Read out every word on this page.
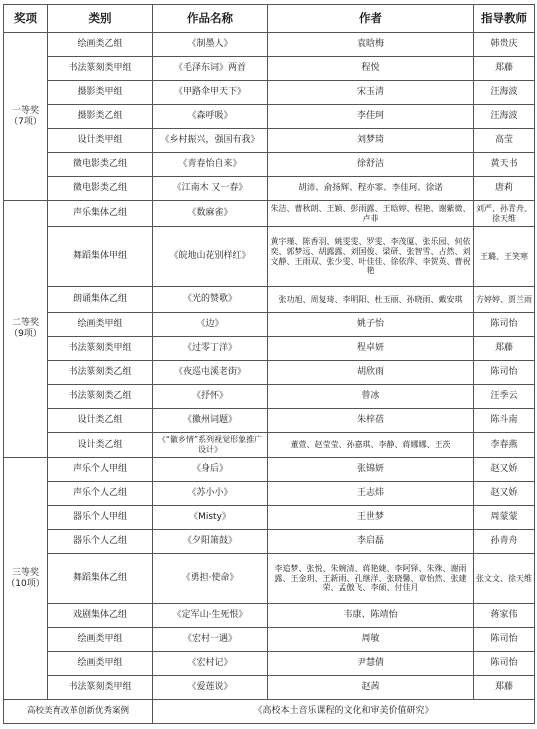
奖项	类别	作品名称	作者	指导教师

一等奖
（7项）	绘画类乙组	《制墨人》	袁晗梅	韩贵庆
	书法篆刻类甲组	《毛泽东词》两首	程悦	郑藤
	摄影类甲组	《甲路伞甲天下》	宋玉清	汪海波
	摄影类乙组	《森呼吸》	李佳珂	汪海波
	设计类甲组	《乡村振兴，强国有我》	刘梦琦	高莹
	微电影类乙组	《青春怡自来》	徐舒洁	黄天书
	微电影类乙组	《江南木 又一春》	胡沛、俞扬辉、程亦霏、李佳珂、徐诺	唐莉

二等奖
（9项）	声乐集体乙组	《数麻雀》	朱洁、曹秋朗、王颖、彭雨露、王晗婷、程艳、谢紫微、卢菲	刘严、孙青舟、徐天维
	舞蹈集体甲组	《皖地山花别样红》	黄宇瑾、陈香羽、姚雯雯、罗雯、李茂厦、张乐园、何依奕、郭梦远、胡露露、刘国俊、梁研、张智雪、占然、刘文静、王雨双、张少雯、叶佳佳、徐依萍、李贺英、曹祝艳	王璐、王笑寒
	朗诵集体乙组	《光的赞歌》	张功旭、周复琦、李明阳、杜玉丽、孙晓雨、戴安琪	方婷婷、贾兰雨
	绘画类甲组	《边》	姚子怡	陈司怡
	书法篆刻类甲组	《过零丁洋》	程卓妍	郑藤
	书法篆刻类乙组	《夜巡屯溪老街》	胡欣雨	陈司怡
	书法篆刻类乙组	《抒怀》	曾冰	汪季云
	设计类乙组	《徽州词题》	朱梓蓓	陈斗南
	设计类乙组	《“徽乡情”系列视觉形象推广设计》	董萱、赵莹莹、孙嘉琪、李静、蒋娜娜、王茨	李春燕

三等奖
（10项）	声乐个人甲组	《身后》	张锦妍	赵又娇
	声乐个人乙组	《苏小小》	王志炜	赵又娇
	器乐个人甲组	《Misty》	王世梦	周蒙蒙
	器乐个人乙组	《夕阳箫鼓》	李启磊	孙青舟
	舞蹈集体乙组	《勇担·使命》	李追梦、张悦、朱婉清、蒋艳婕、李阿铎、朱殊、谢雨露、王金玥、王新雨、孔继洋、张晓馨、章怡然、张建荣、孟傲飞、李硕、付佳月	张文文、徐天维
	戏剧集体乙组	《定军山·生死恨》	韦康、陈靖怡	蒋家伟
	绘画类甲组	《宏村一遇》	周敏	陈司怡
	绘画类甲组	《宏村记》	尹慧倩	陈司怡
	书法篆刻类甲组	《爱莲说》	赵茜	郑藤
高校美育改革创新优秀案例		《高校本土音乐课程的文化和审美价值研究》		
